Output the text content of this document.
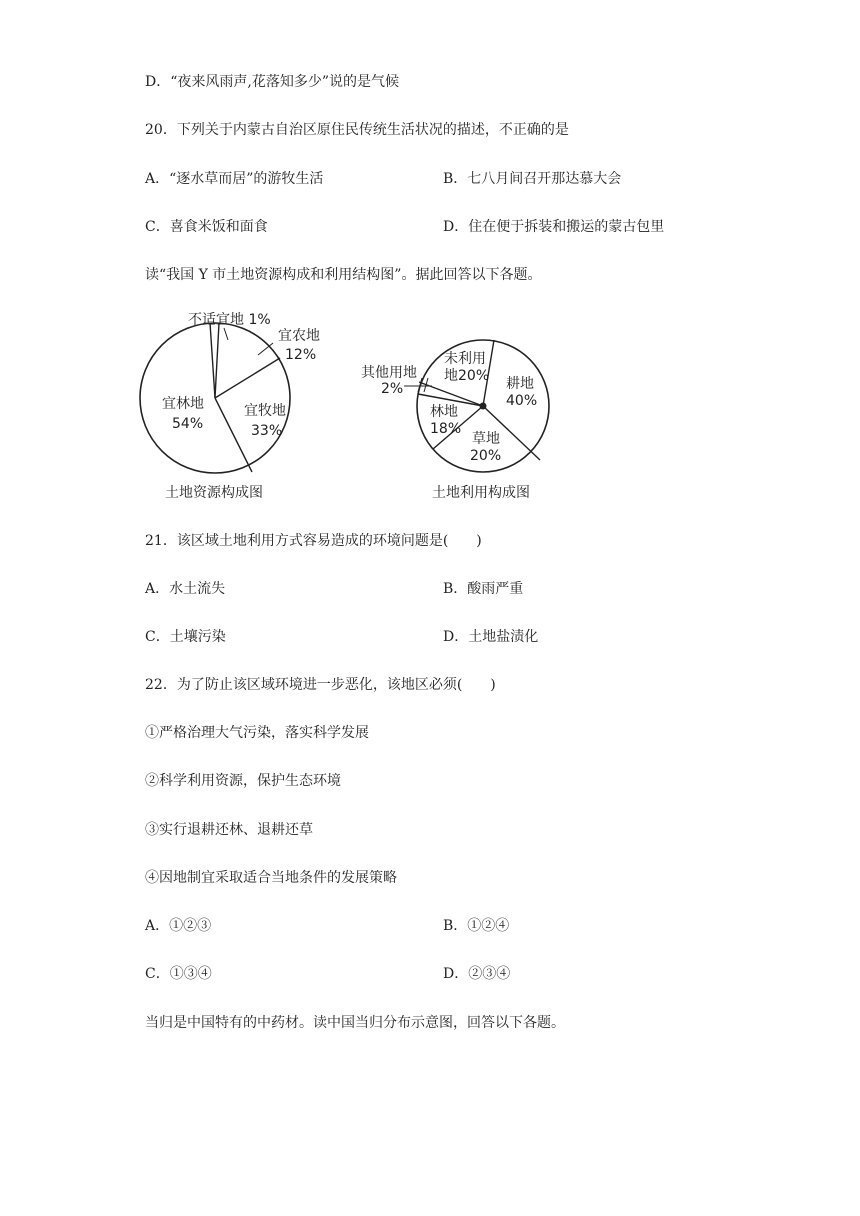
D．“夜来风雨声,花落知多少”说的是气候
20．下列关于内蒙古自治区原住民传统生活状况的描述，不正确的是
A．“逐水草而居”的游牧生活	B．七八月间召开那达慕大会
C．喜食米饭和面食	D．住在便于拆装和搬运的蒙古包里
读“我国 Y 市土地资源构成和利用结构图”。据此回答以下各题。
不适宜地 1%
宜农地
12%
宜林地
54%
宜牧地
33%
土地资源构成图
未利用
地20%
其他用地
2%	耕地
40%
林地
18%
草地
20%
土地利用构成图
21．该区域土地利用方式容易造成的环境问题是(　　)
A．水土流失	B．酸雨严重
C．土壤污染	D．土地盐渍化
22．为了防止该区域环境进一步恶化，该地区必须(　　)
①严格治理大气污染，落实科学发展
②科学利用资源，保护生态环境
③实行退耕还林、退耕还草
④因地制宜采取适合当地条件的发展策略
A．①②③	B．①②④
C．①③④	D．②③④
当归是中国特有的中药材。读中国当归分布示意图，回答以下各题。
